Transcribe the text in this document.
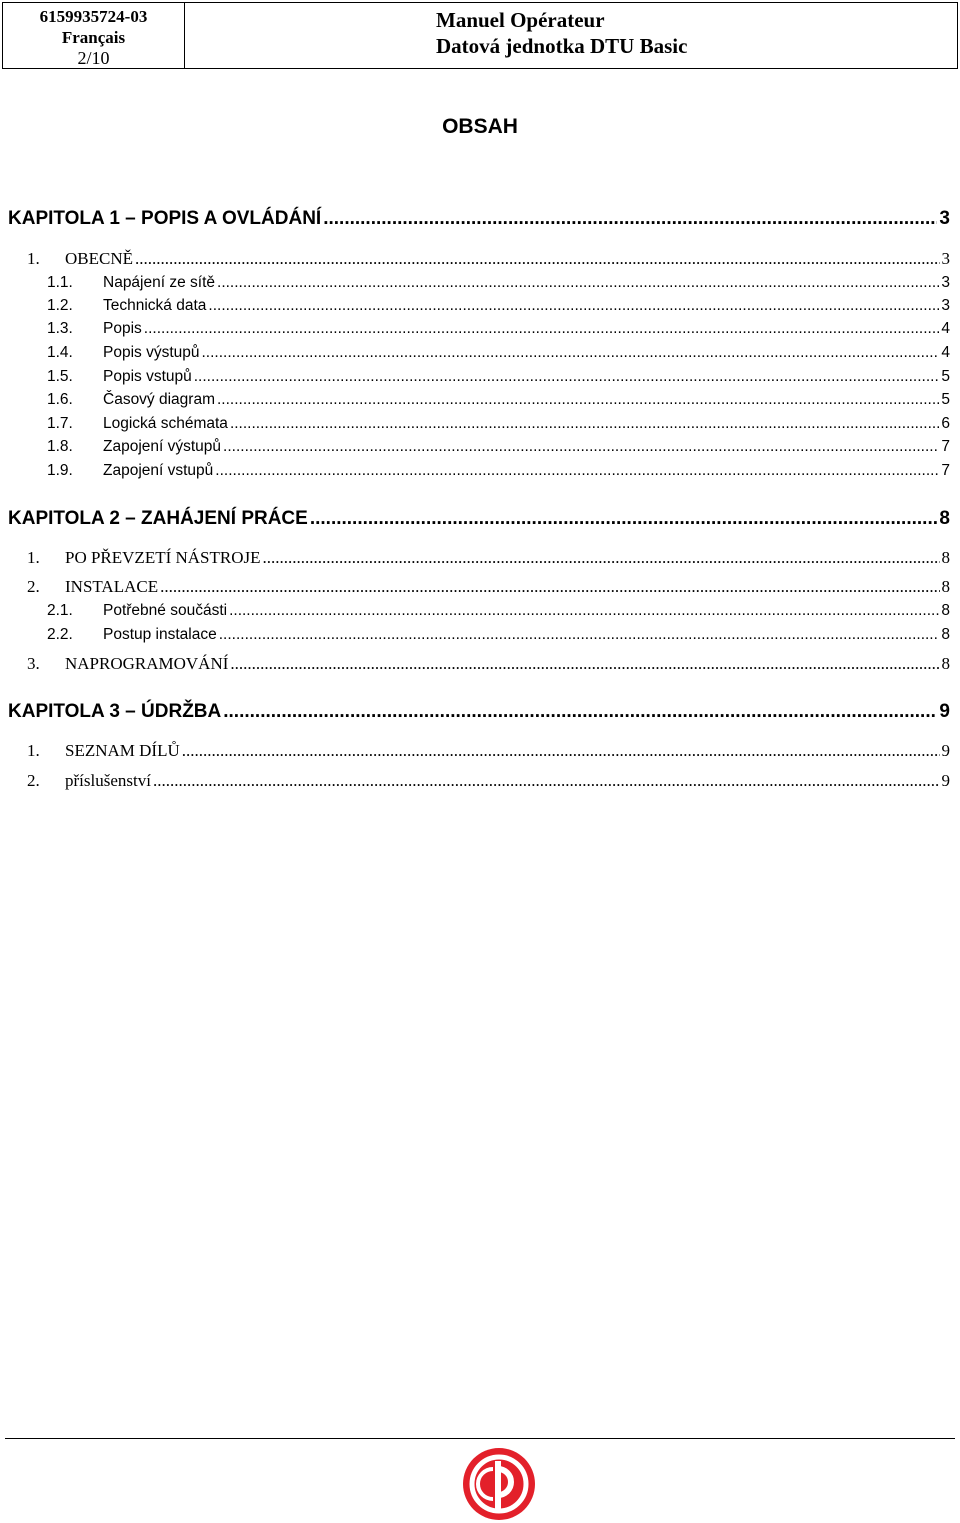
6159935724-03
Français
2/10
Manuel Opérateur
Datová jednotka DTU Basic
OBSAH
KAPITOLA 1 – POPIS A OVLÁDÁNÍ .....	3
1.	OBECNĚ .....	3
1.1.	Napájení ze sítě .....	3
1.2.	Technická data .....	3
1.3.	Popis .....	4
1.4.	Popis výstupů .....	4
1.5.	Popis vstupů .....	5
1.6.	Časový diagram .....	5
1.7.	Logická schémata .....	6
1.8.	Zapojení výstupů .....	7
1.9.	Zapojení vstupů .....	7
KAPITOLA 2 – ZAHÁJENÍ PRÁCE .....	8
1.	PO PŘEVZETÍ NÁSTROJE .....	8
2.	INSTALACE .....	8
2.1.	Potřebné součásti .....	8
2.2.	Postup instalace .....	8
3.	NAPROGRAMOVÁNÍ .....	8
KAPITOLA 3 – ÚDRŽBA .....	9
1.	SEZNAM DÍLŮ .....	9
2.	příslušenství .....	9
